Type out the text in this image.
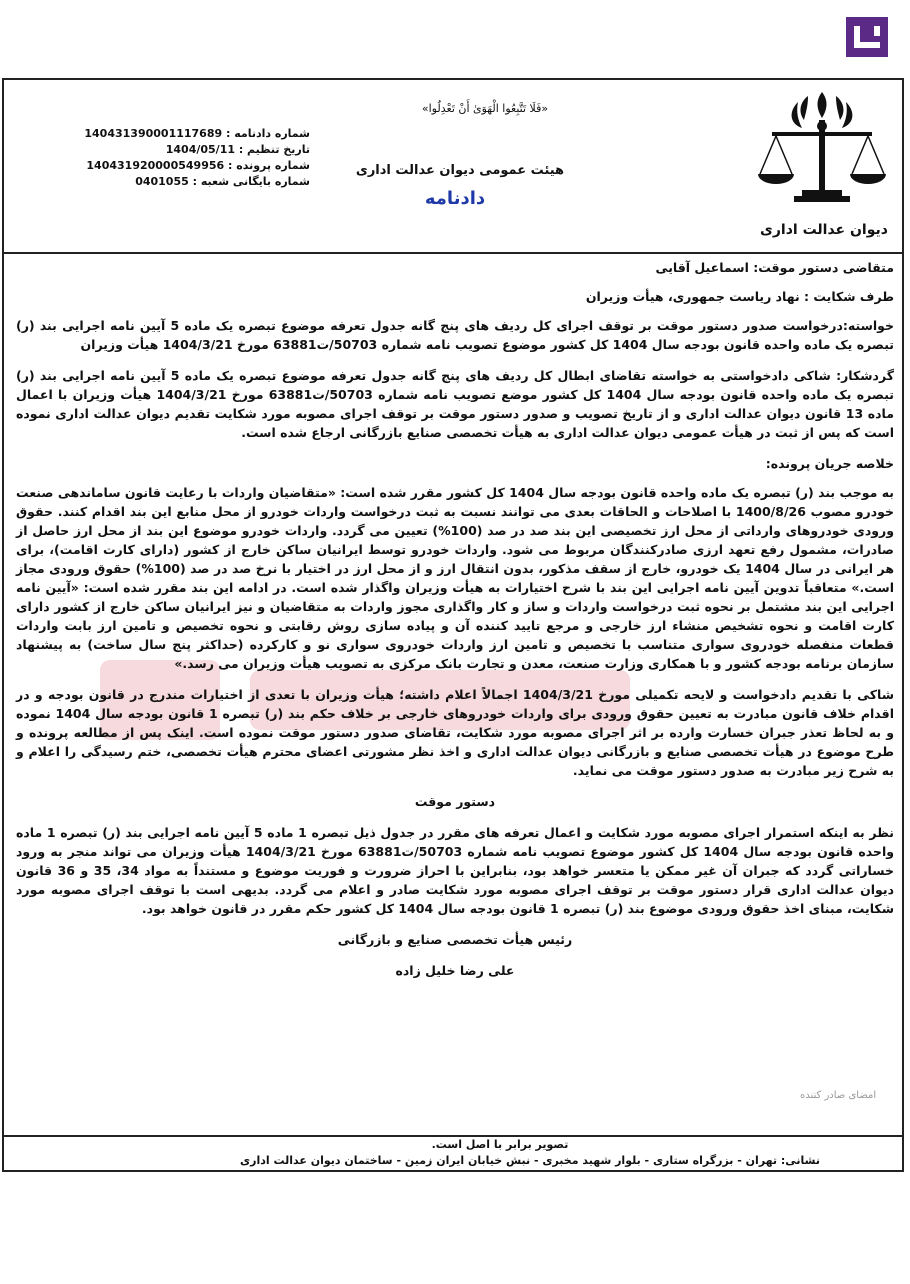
دیوان عدالت اداری
«فَلَا تَتَّبِعُوا الْهَوَىٰ أَنْ تَعْدِلُوا»
هیئت عمومی دیوان عدالت اداری
دادنامه
شماره دادنامه : 140431390001117689
تاریخ تنظیم : 1404/05/11
شماره پرونده : 140431920000549956
شماره بایگانی شعبه : 0401055

متقاضی دستور موقت: اسماعیل آقایی

طرف شکایت : نهاد ریاست جمهوری، هیأت وزیران

خواسته:درخواست صدور دستور موقت بر توقف اجرای کل ردیف های پنج گانه جدول تعرفه موضوع تبصره یک ماده 5 آیین نامه اجرایی بند (ر) تبصره یک ماده واحده قانون بودجه سال 1404 کل کشور موضوع تصویب نامه شماره 50703/ت63881 مورخ 1404/3/21 هیأت وزیران

گردشکار: شاکی دادخواستی به خواسته تقاضای ابطال کل ردیف های پنج گانه جدول تعرفه موضوع تبصره یک ماده 5 آیین نامه اجرایی بند (ر) تبصره یک ماده واحده قانون بودجه سال 1404 کل کشور موضع تصویب نامه شماره 50703/ت63881 مورخ 1404/3/21 هیأت وزیران با اعمال ماده 13 قانون دیوان عدالت اداری و از تاریخ تصویب و صدور دستور موقت بر توقف اجرای مصوبه مورد شکایت تقدیم دیوان عدالت اداری نموده است که پس از ثبت در هیأت عمومی دیوان عدالت اداری به هیأت تخصصی صنایع بازرگانی ارجاع شده است.

خلاصه جریان پرونده:

به موجب بند (ر) تبصره یک ماده واحده قانون بودجه سال 1404 کل کشور مقرر شده است: «متقاضیان واردات با رعایت قانون ساماندهی صنعت خودرو مصوب 1400/8/26 با اصلاحات و الحاقات بعدی می توانند نسبت به ثبت درخواست واردات خودرو از محل منابع این بند اقدام کنند. حقوق ورودی خودروهای وارداتی از محل ارز تخصیصی این بند صد در صد (100%) تعیین می گردد. واردات خودرو موضوع این بند از محل ارز حاصل از صادرات، مشمول رفع تعهد ارزی صادرکنندگان مربوط می شود. واردات خودرو توسط ایرانیان ساکن خارج از کشور (دارای کارت اقامت)، برای هر ایرانی در سال 1404 یک خودرو، خارج از سقف مذکور، بدون انتقال ارز و از محل ارز در اختیار با نرخ صد در صد (100%) حقوق ورودی مجاز است.» متعاقباً تدوین آیین نامه اجرایی این بند با شرح اختیارات به هیأت وزیران واگذار شده است. در ادامه این بند مقرر شده است: «آیین نامه اجرایی این بند مشتمل بر نحوه ثبت درخواست واردات و ساز و کار واگذاری مجوز واردات به متقاضیان و نیز ایرانیان ساکن خارج از کشور دارای کارت اقامت و نحوه تشخیص منشاء ارز خارجی و مرجع تایید کننده آن و پیاده سازی روش رقابتی و نحوه تخصیص و تامین ارز بابت واردات قطعات منفصله خودروی سواری متناسب با تخصیص و تامین ارز واردات خودروی سواری نو و کارکرده (حداکثر پنج سال ساخت) به پیشنهاد سازمان برنامه بودجه کشور و با همکاری وزارت صنعت، معدن و تجارت بانک مرکزی به تصویب هیأت وزیران می رسد.»

شاکی با تقدیم دادخواست و لایحه تکمیلی مورخ 1404/3/21 اجمالاً اعلام داشته؛ هیأت وزیران با تعدی از اختیارات مندرج در قانون بودجه و در اقدام خلاف قانون مبادرت به تعیین حقوق ورودی برای واردات خودروهای خارجی بر خلاف حکم بند (ر) تبصره 1 قانون بودجه سال 1404 نموده و به لحاظ تعذر جبران خسارت وارده بر اثر اجرای مصوبه مورد شکایت، تقاضای صدور دستور موقت نموده است. اینک پس از مطالعه پرونده و طرح موضوع در هیأت تخصصی صنایع و بازرگانی دیوان عدالت اداری و اخذ نظر مشورتی اعضای محترم هیأت تخصصی، ختم رسیدگی را اعلام و به شرح زیر مبادرت به صدور دستور موقت می نماید.

دستور موقت

نظر به اینکه استمرار اجرای مصوبه مورد شکایت و اعمال تعرفه های مقرر در جدول ذیل تبصره 1 ماده 5 آیین نامه اجرایی بند (ر) تبصره 1 ماده واحده قانون بودجه سال 1404 کل کشور موضوع تصویب نامه شماره 50703/ت63881 مورخ 1404/3/21 هیأت وزیران می تواند منجر به ورود خساراتی گردد که جبران آن غیر ممکن یا متعسر خواهد بود، بنابراین با احراز ضرورت و فوریت موضوع و مستنداً به مواد 34، 35 و 36 قانون دیوان عدالت اداری قرار دستور موقت بر توقف اجرای مصوبه مورد شکایت صادر و اعلام می گردد. بدیهی است با توقف اجرای مصوبه مورد شکایت، مبنای اخذ حقوق ورودی موضوع بند (ر) تبصره 1 قانون بودجه سال 1404 کل کشور حکم مقرر در قانون خواهد بود.

رئیس هیأت تخصصی صنایع و بازرگانی

علی رضا خلیل زاده

امضای صادر کننده
تصویر برابر با اصل است.
نشانی: تهران - بزرگراه ستاری - بلوار شهید مخبری - نبش خیابان ایران زمین - ساختمان دیوان عدالت اداری
